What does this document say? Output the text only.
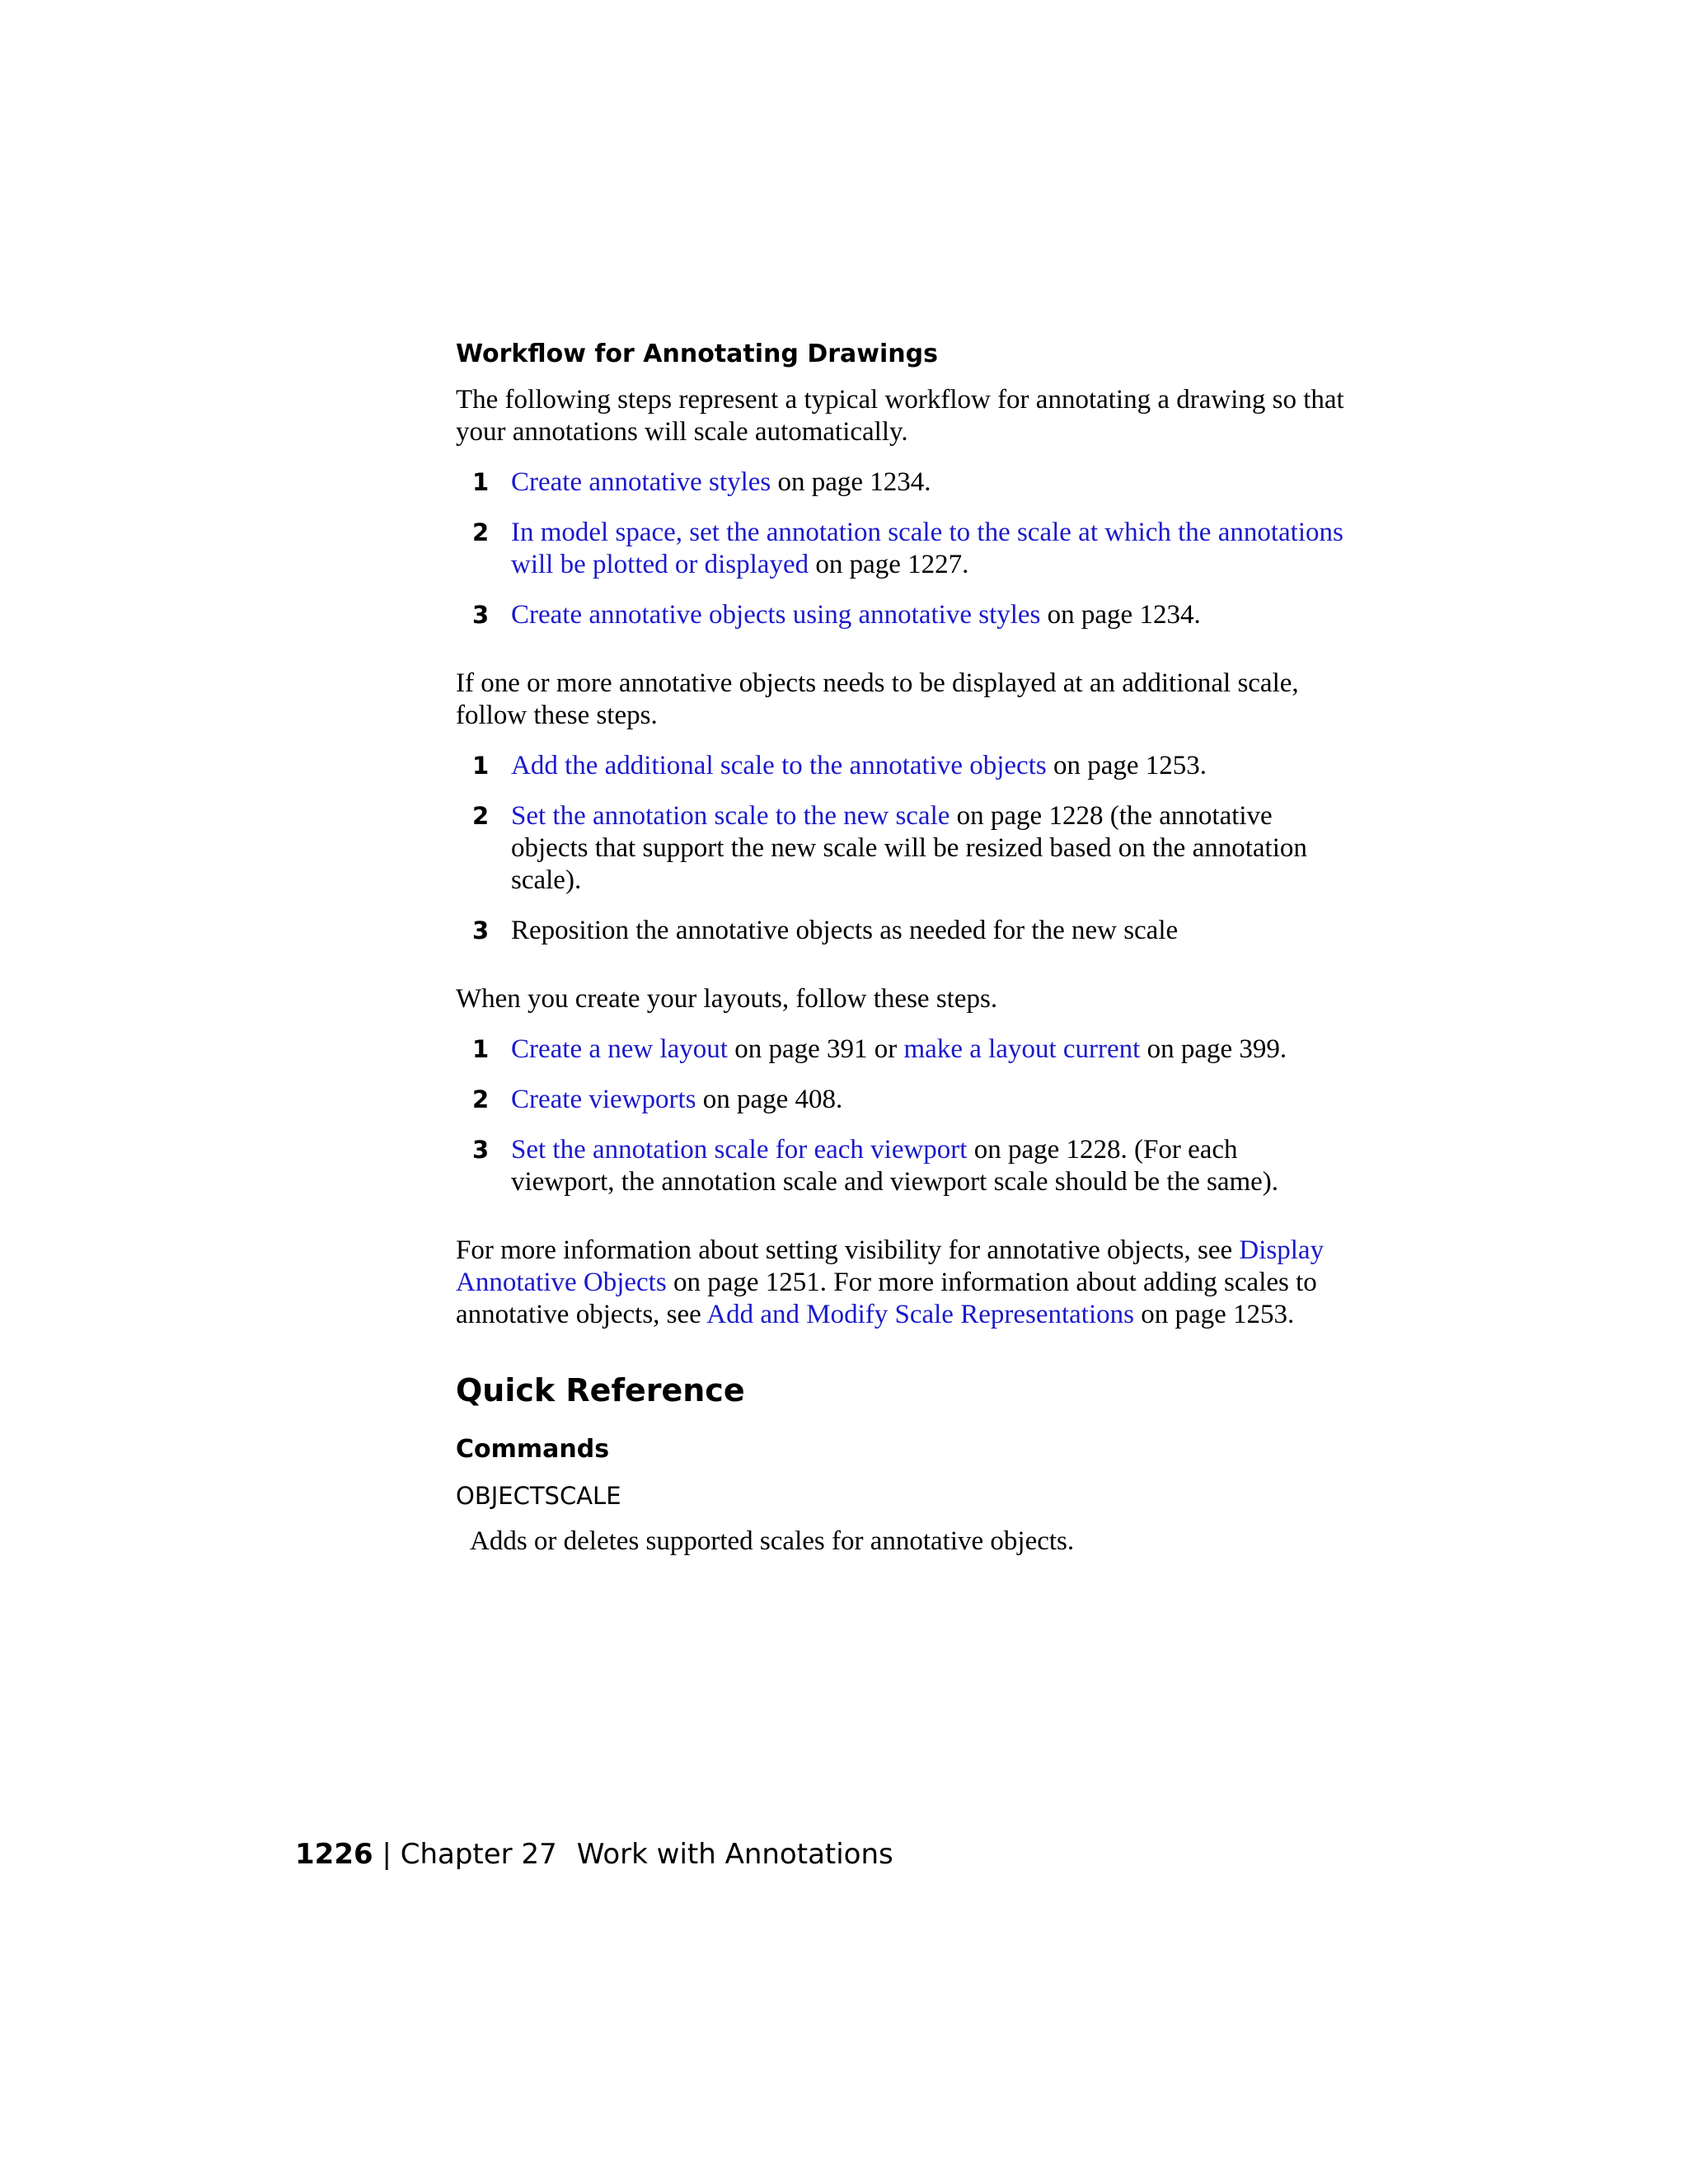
Workflow for Annotating Drawings

The following steps represent a typical workflow for annotating a drawing so that your annotations will scale automatically.

1 Create annotative styles on page 1234.
2 In model space, set the annotation scale to the scale at which the annotations will be plotted or displayed on page 1227.
3 Create annotative objects using annotative styles on page 1234.

If one or more annotative objects needs to be displayed at an additional scale, follow these steps.

1 Add the additional scale to the annotative objects on page 1253.
2 Set the annotation scale to the new scale on page 1228 (the annotative objects that support the new scale will be resized based on the annotation scale).
3 Reposition the annotative objects as needed for the new scale

When you create your layouts, follow these steps.

1 Create a new layout on page 391 or make a layout current on page 399.
2 Create viewports on page 408.
3 Set the annotation scale for each viewport on page 1228. (For each viewport, the annotation scale and viewport scale should be the same).

For more information about setting visibility for annotative objects, see Display Annotative Objects on page 1251. For more information about adding scales to annotative objects, see Add and Modify Scale Representations on page 1253.

Quick Reference
Commands
OBJECTSCALE
Adds or deletes supported scales for annotative objects.
1226 | Chapter 27 Work with Annotations
